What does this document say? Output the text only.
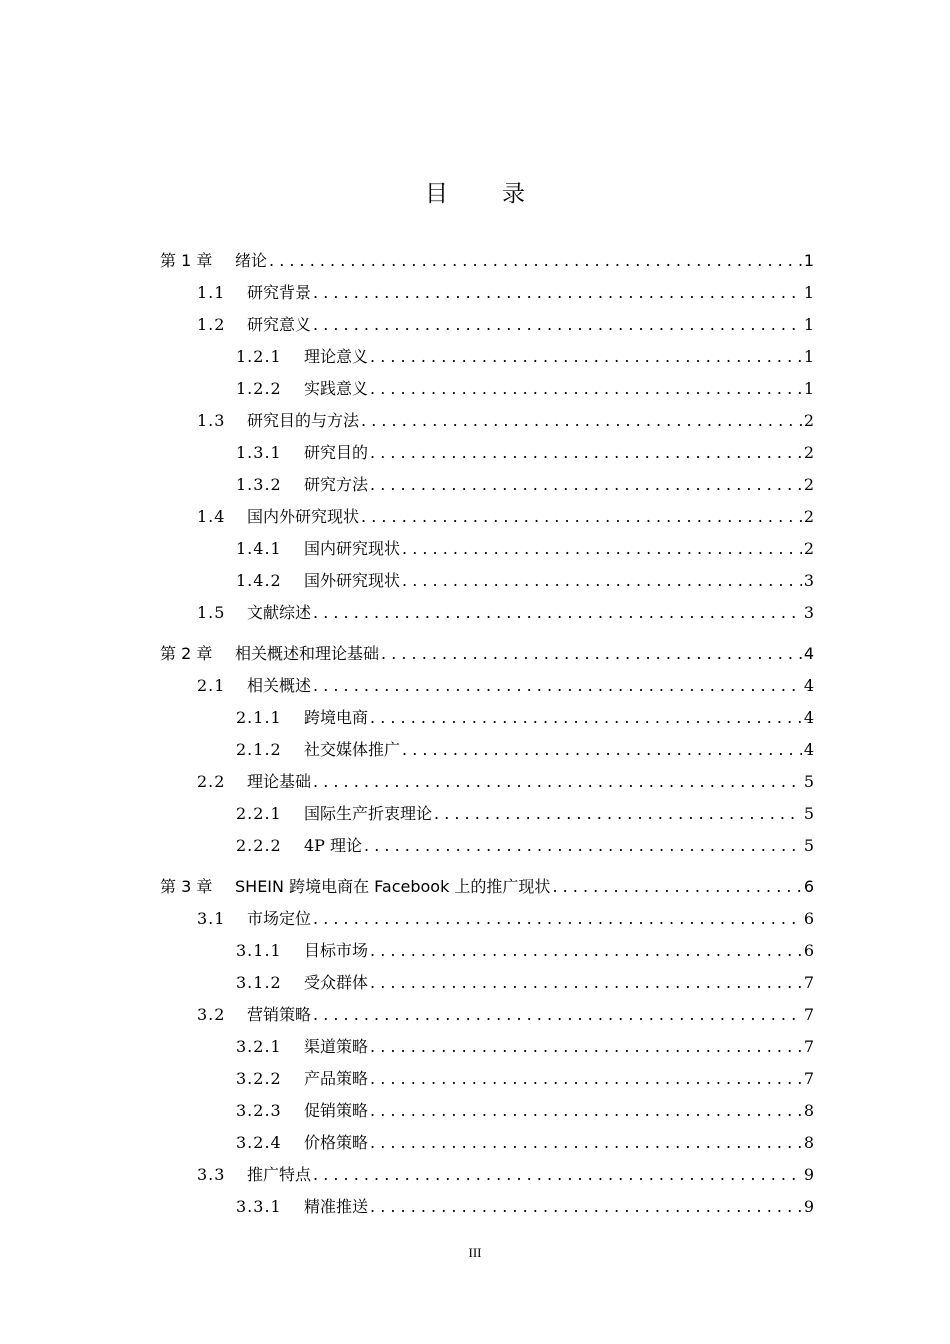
目 录
第 1 章	绪论 . . .	1
1.1	研究背景 . . .	1
1.2	研究意义 . . .	1
1.2.1	理论意义 . . .	1
1.2.2	实践意义 . . .	1
1.3	研究目的与方法 . . .	2
1.3.1	研究目的 . . .	2
1.3.2	研究方法 . . .	2
1.4	国内外研究现状 . . .	2
1.4.1	国内研究现状 . . .	2
1.4.2	国外研究现状 . . .	3
1.5	文献综述 . . .	3
第 2 章	相关概述和理论基础 . . .	4
2.1	相关概述 . . .	4
2.1.1	跨境电商 . . .	4
2.1.2	社交媒体推广 . . .	4
2.2	理论基础 . . .	5
2.2.1	国际生产折衷理论 . . .	5
2.2.2	4P 理论 . . .	5
第 3 章	SHEIN 跨境电商在 Facebook 上的推广现状 . . .	6
3.1	市场定位 . . .	6
3.1.1	目标市场 . . .	6
3.1.2	受众群体 . . .	7
3.2	营销策略 . . .	7
3.2.1	渠道策略 . . .	7
3.2.2	产品策略 . . .	7
3.2.3	促销策略 . . .	8
3.2.4	价格策略 . . .	8
3.3	推广特点 . . .	9
3.3.1	精准推送 . . .	9
III
